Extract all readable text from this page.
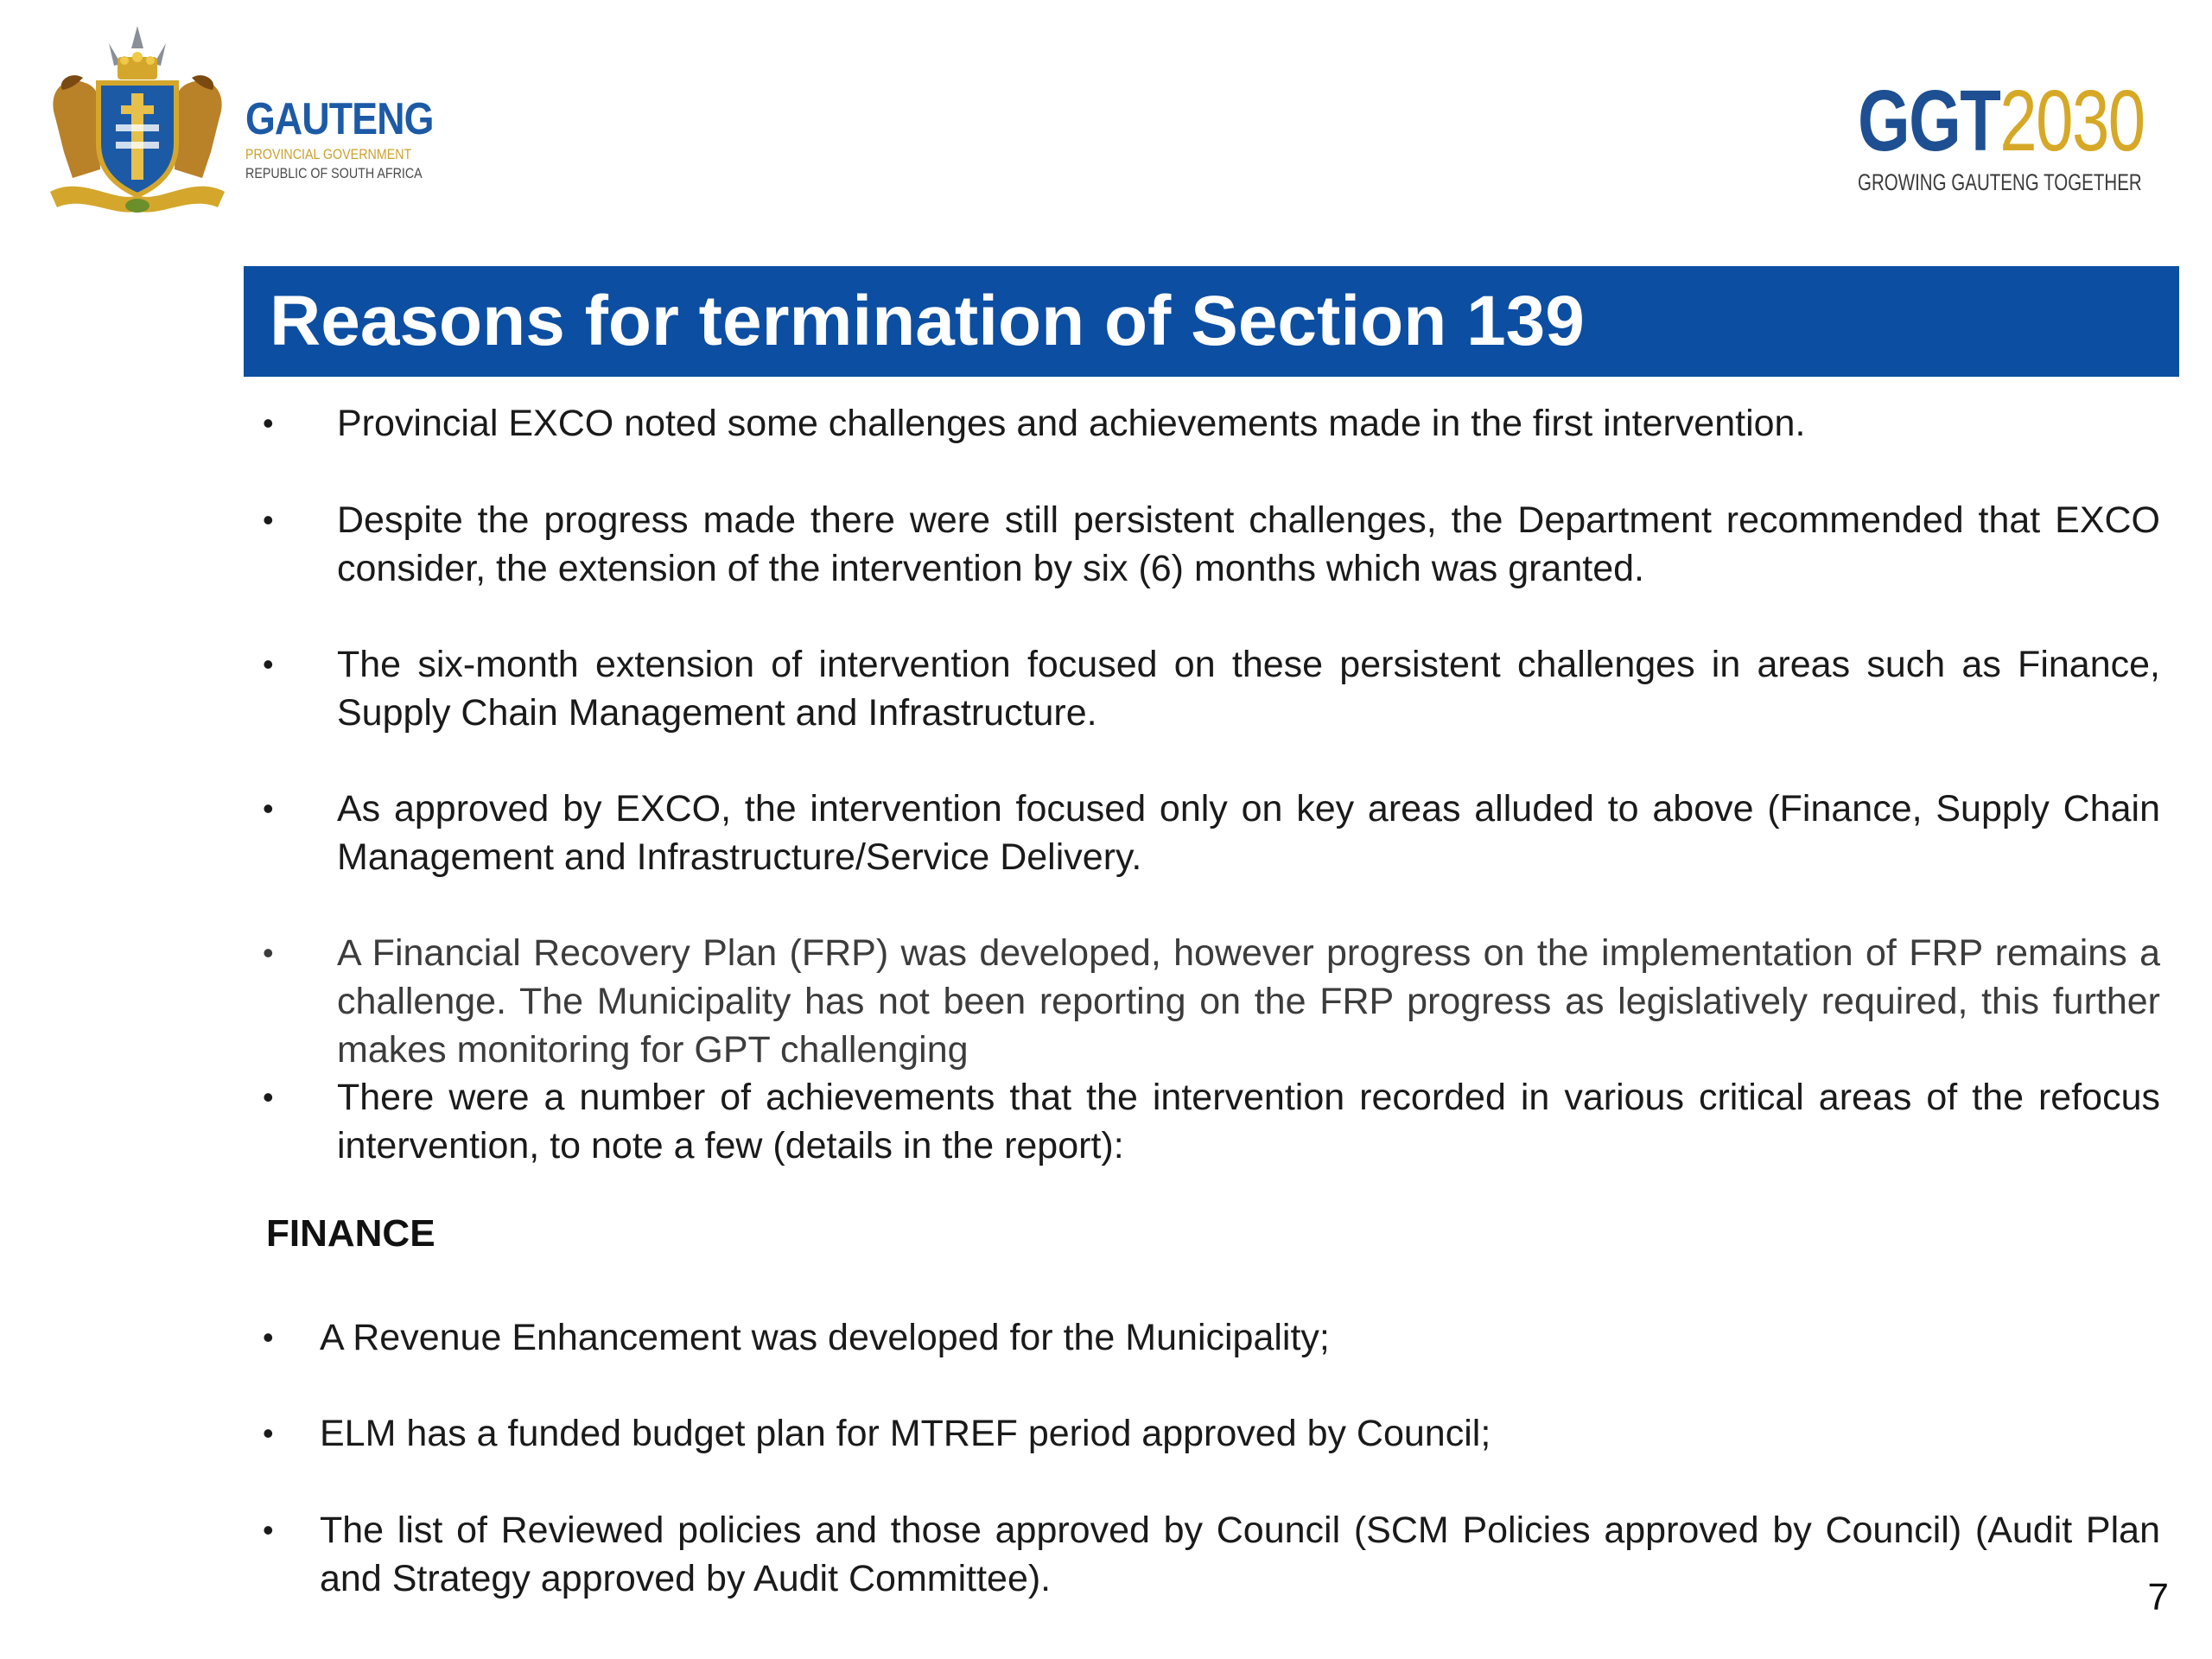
GAUTENG
PROVINCIAL GOVERNMENT
REPUBLIC OF SOUTH AFRICA
GGT2030
GROWING GAUTENG TOGETHER
Reasons for termination of Section 139
•	Provincial EXCO noted some challenges and achievements made in the first intervention.
•	Despite the progress made there were still persistent challenges, the Department recommended that EXCO consider, the extension of the intervention by six (6) months which was granted.
•	The six-month extension of intervention focused on these persistent challenges in areas such as Finance, Supply Chain Management and Infrastructure.
•	As approved by EXCO, the intervention focused only on key areas alluded to above (Finance, Supply Chain Management and Infrastructure/Service Delivery.
•	A Financial Recovery Plan (FRP) was developed, however progress on the implementation of FRP remains a challenge. The Municipality has not been reporting on the FRP progress as legislatively required, this further makes monitoring for GPT challenging
•	There were a number of achievements that the intervention recorded in various critical areas of the refocus intervention, to note a few (details in the report):
FINANCE
•	A Revenue Enhancement was developed for the Municipality;
•	ELM has a funded budget plan for MTREF period approved by Council;
•	The list of Reviewed policies and those approved by Council (SCM Policies approved by Council) (Audit Plan and Strategy approved by Audit Committee).	7
